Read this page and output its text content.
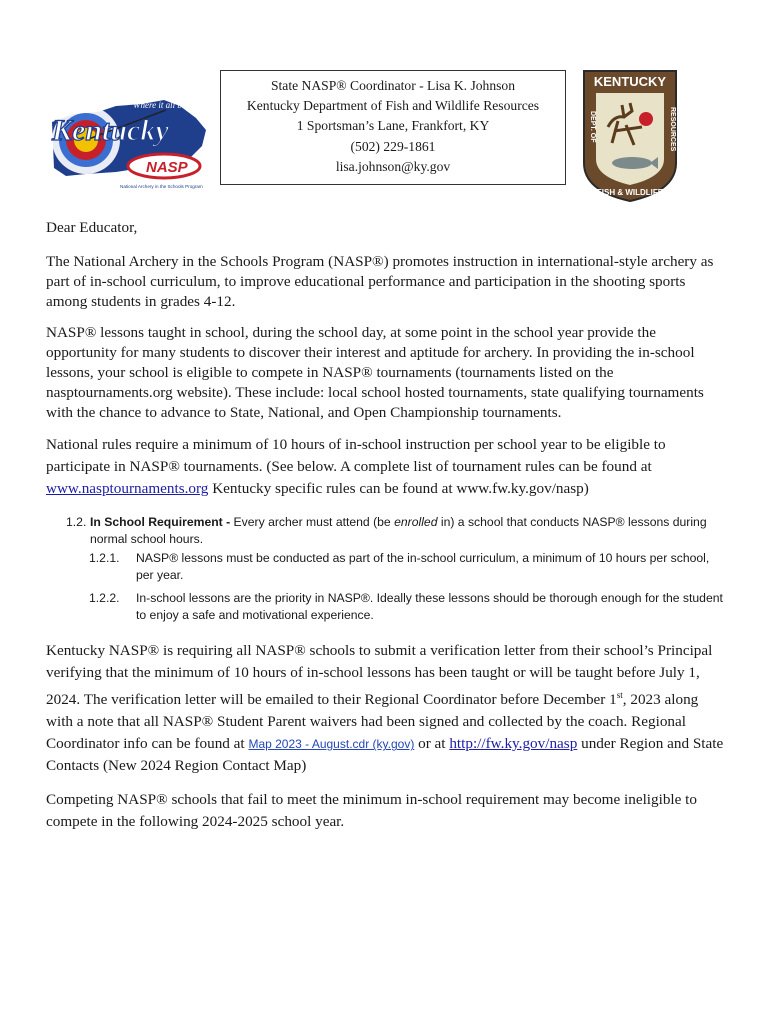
“Where it all began”
Kentucky
NASP
National Archery in the Schools Program
State NASP® Coordinator - Lisa K. Johnson
Kentucky Department of Fish and Wildlife Resources
1 Sportsman’s Lane, Frankfort, KY
(502) 229-1861
lisa.johnson@ky.gov
KENTUCKY
DEPT. OF	RESOURCES
FISH & WILDLIFE
Dear Educator,

The National Archery in the Schools Program (NASP®) promotes instruction in international-style archery as part of in-school curriculum, to improve educational performance and participation in the shooting sports among students in grades 4-12.

NASP® lessons taught in school, during the school day, at some point in the school year provide the opportunity for many students to discover their interest and aptitude for archery. In providing the in-school lessons, your school is eligible to compete in NASP® tournaments (tournaments listed on the nasptournaments.org website). These include: local school hosted tournaments, state qualifying tournaments with the chance to advance to State, National, and Open Championship tournaments.

National rules require a minimum of 10 hours of in-school instruction per school year to be eligible to participate in NASP® tournaments. (See below. A complete list of tournament rules can be found at www.nasptournaments.org Kentucky specific rules can be found at www.fw.ky.gov/nasp)

1.2. In School Requirement - Every archer must attend (be enrolled in) a school that conducts NASP® lessons during normal school hours.
1.2.1. NASP® lessons must be conducted as part of the in-school curriculum, a minimum of 10 hours per school, per year.
1.2.2. In-school lessons are the priority in NASP®. Ideally these lessons should be thorough enough for the student to enjoy a safe and motivational experience.

Kentucky NASP® is requiring all NASP® schools to submit a verification letter from their school’s Principal verifying that the minimum of 10 hours of in-school lessons has been taught or will be taught before July 1, 2024. The verification letter will be emailed to their Regional Coordinator before December 1st, 2023 along with a note that all NASP® Student Parent waivers had been signed and collected by the coach. Regional Coordinator info can be found at Map 2023 - August.cdr (ky.gov) or at http://fw.ky.gov/nasp under Region and State Contacts (New 2024 Region Contact Map)

Competing NASP® schools that fail to meet the minimum in-school requirement may become ineligible to compete in the following 2024-2025 school year.
